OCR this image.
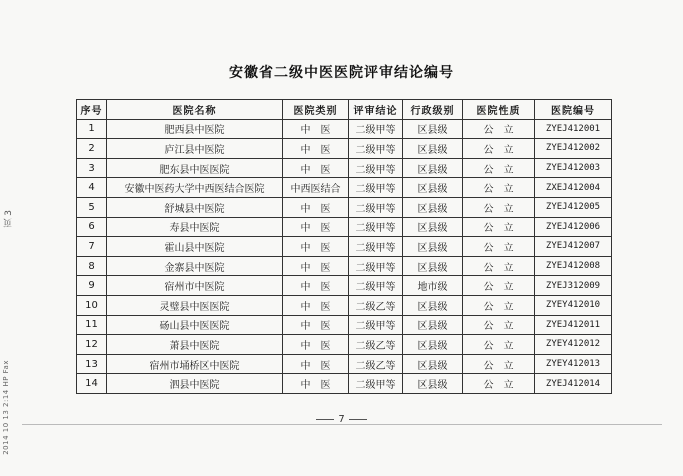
页 3
2014 10 13 2:14 HP Fax
安徽省二级中医医院评审结论编号
序号	医院名称	医院类别	评审结论	行政级别	医院性质	医院编号
1	肥西县中医院	中　医	二级甲等	区县级	公　立	ZYEJ412001
2	庐江县中医院	中　医	二级甲等	区县级	公　立	ZYEJ412002
3	肥东县中医医院	中　医	二级甲等	区县级	公　立	ZYEJ412003
4	安徽中医药大学中西医结合医院	中西医结合	二级甲等	区县级	公　立	ZXEJ412004
5	舒城县中医院	中　医	二级甲等	区县级	公　立	ZYEJ412005
6	寿县中医院	中　医	二级甲等	区县级	公　立	ZYEJ412006
7	霍山县中医院	中　医	二级甲等	区县级	公　立	ZYEJ412007
8	金寨县中医院	中　医	二级甲等	区县级	公　立	ZYEJ412008
9	宿州市中医院	中　医	二级甲等	地市级	公　立	ZYEJ312009
10	灵璧县中医医院	中　医	二级乙等	区县级	公　立	ZYEY412010
11	砀山县中医医院	中　医	二级甲等	区县级	公　立	ZYEJ412011
12	萧县中医院	中　医	二级乙等	区县级	公　立	ZYEY412012
13	宿州市埇桥区中医院	中　医	二级乙等	区县级	公　立	ZYEY412013
14	泗县中医院	中　医	二级甲等	区县级	公　立	ZYEJ412014
7
